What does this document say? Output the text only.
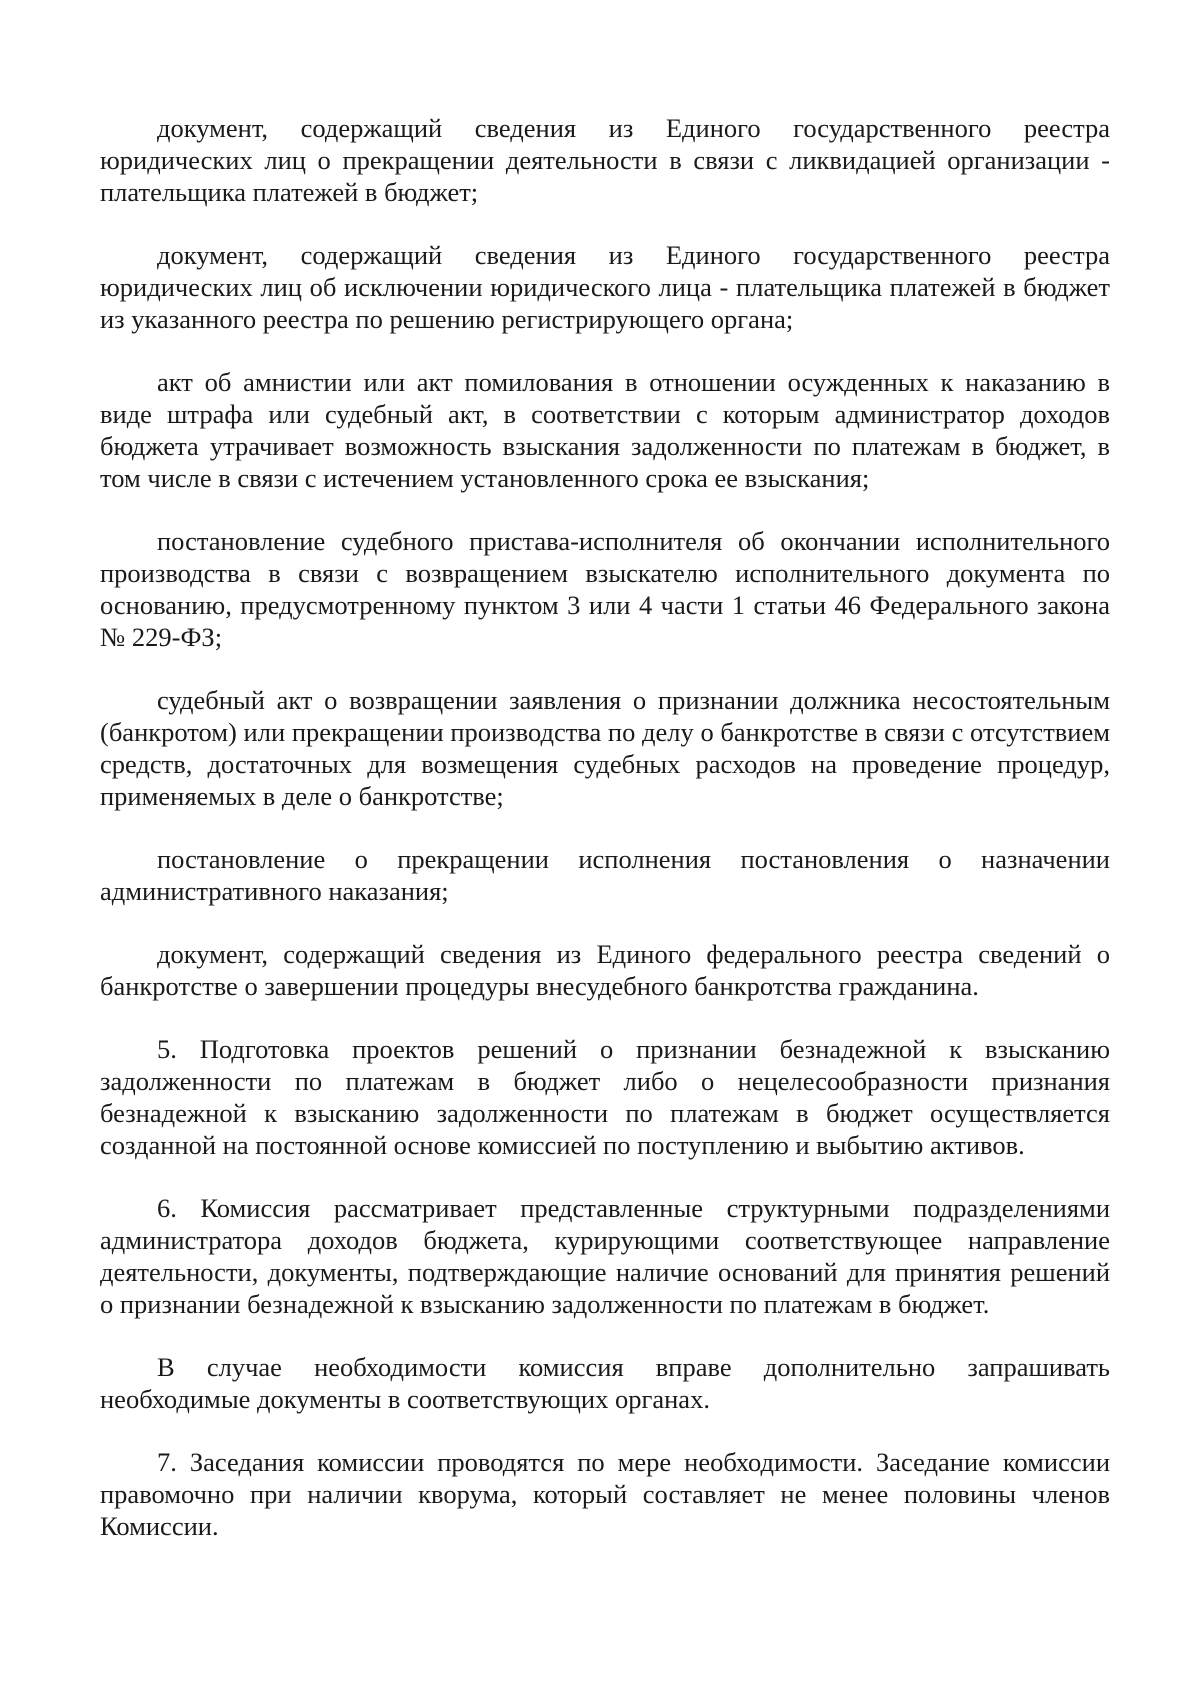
документ, содержащий сведения из Единого государственного реестра юридических лиц о прекращении деятельности в связи с ликвидацией организации - плательщика платежей в бюджет;

документ, содержащий сведения из Единого государственного реестра юридических лиц об исключении юридического лица - плательщика платежей в бюджет из указанного реестра по решению регистрирующего органа;

акт об амнистии или акт помилования в отношении осужденных к наказанию в виде штрафа или судебный акт, в соответствии с которым администратор доходов бюджета утрачивает возможность взыскания задолженности по платежам в бюджет, в том числе в связи с истечением установленного срока ее взыскания;

постановление судебного пристава-исполнителя об окончании исполнительного производства в связи с возвращением взыскателю исполнительного документа по основанию, предусмотренному пунктом 3 или 4 части 1 статьи 46 Федерального закона № 229-ФЗ;

судебный акт о возвращении заявления о признании должника несостоятельным (банкротом) или прекращении производства по делу о банкротстве в связи с отсутствием средств, достаточных для возмещения судебных расходов на проведение процедур, применяемых в деле о банкротстве;

постановление о прекращении исполнения постановления о назначении административного наказания;

документ, содержащий сведения из Единого федерального реестра сведений о банкротстве о завершении процедуры внесудебного банкротства гражданина.

5. Подготовка проектов решений о признании безнадежной к взысканию задолженности по платежам в бюджет либо о нецелесообразности признания безнадежной к взысканию задолженности по платежам в бюджет осуществляется созданной на постоянной основе комиссией по поступлению и выбытию активов.

6. Комиссия рассматривает представленные структурными подразделениями администратора доходов бюджета, курирующими соответствующее направление деятельности, документы, подтверждающие наличие оснований для принятия решений о признании безнадежной к взысканию задолженности по платежам в бюджет.

В случае необходимости комиссия вправе дополнительно запрашивать необходимые документы в соответствующих органах.

7. Заседания комиссии проводятся по мере необходимости. Заседание комиссии правомочно при наличии кворума, который составляет не менее половины членов Комиссии.
